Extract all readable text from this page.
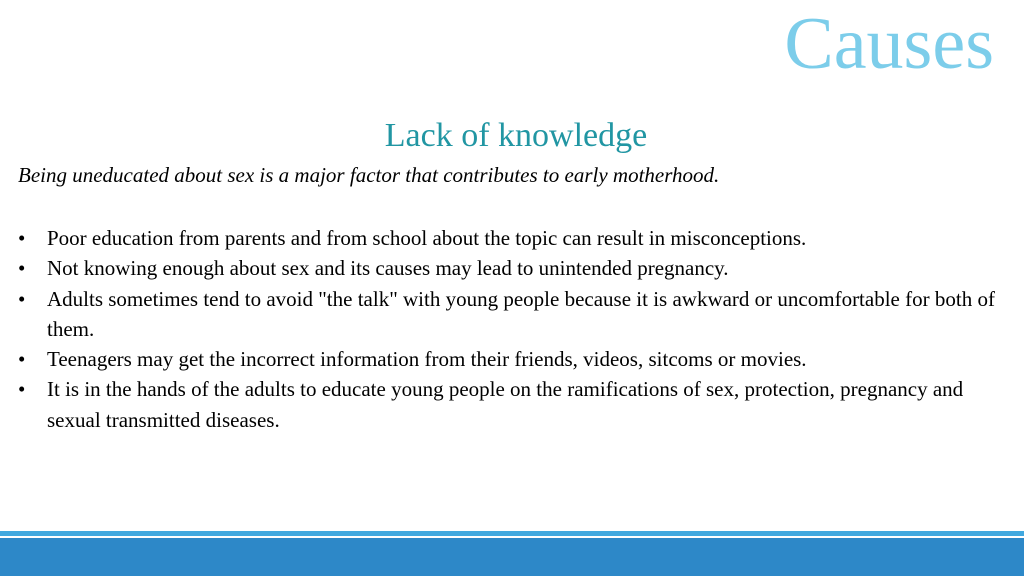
Causes
Lack of knowledge
Being uneducated about sex is a major factor that contributes to early motherhood.
• Poor education from parents and from school about the topic can result in misconceptions.
• Not knowing enough about sex and its causes may lead to unintended pregnancy.
• Adults sometimes tend to avoid "the talk" with young people because it is awkward or uncomfortable for both of them.
• Teenagers may get the incorrect information from their friends, videos, sitcoms or movies.
• It is in the hands of the adults to educate young people on the ramifications of sex, protection, pregnancy and sexual transmitted diseases.
